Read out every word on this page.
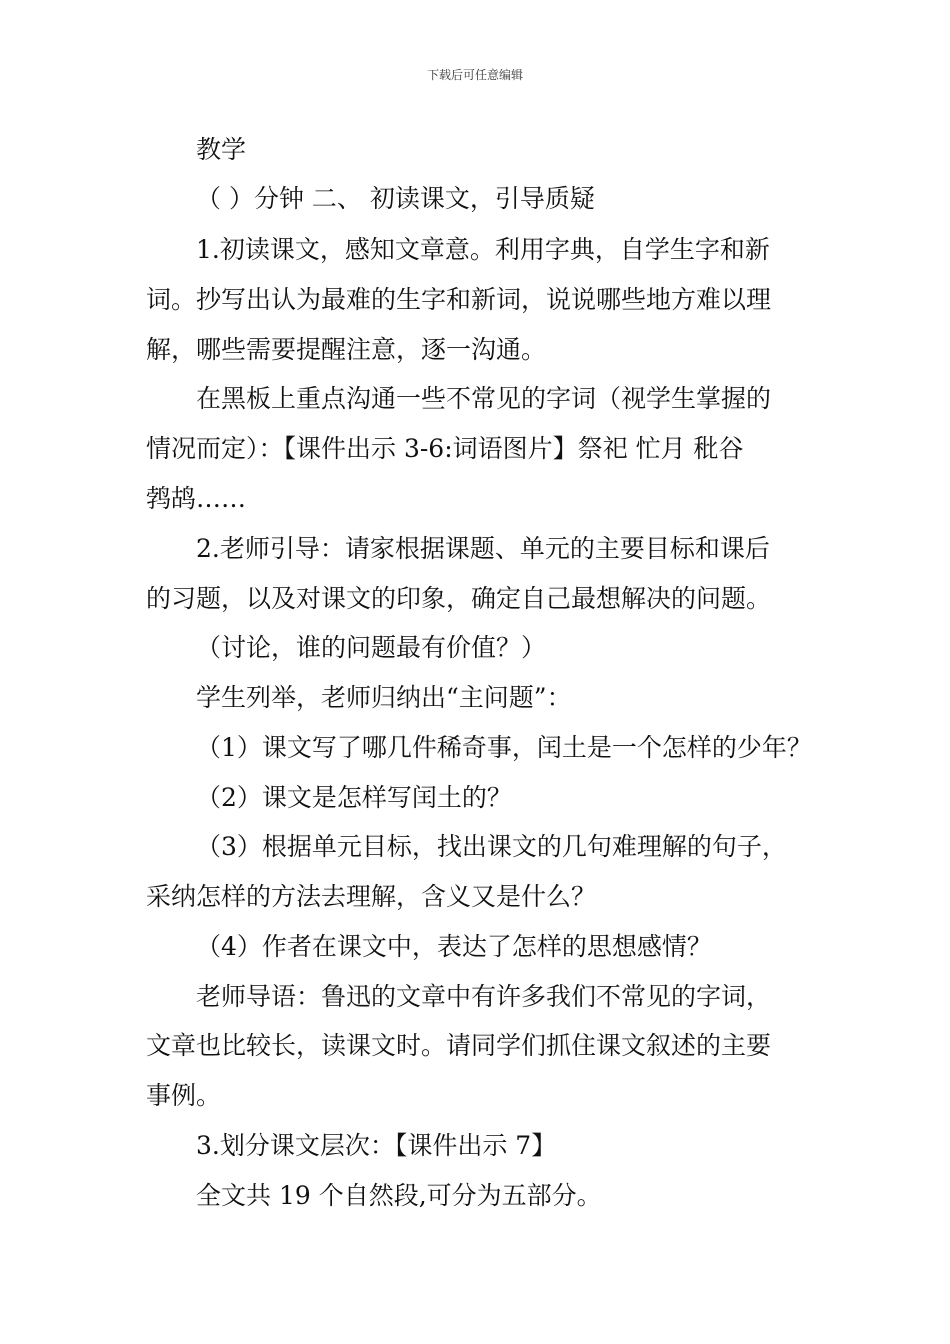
下载后可任意编辑
教学
（ ）分钟 二、 初读课文，引导质疑
1.初读课文，感知文章意。利用字典，自学生字和新
词。抄写出认为最难的生字和新词，说说哪些地方难以理
解，哪些需要提醒注意，逐一沟通。
在黑板上重点沟通一些不常见的字词（视学生掌握的
情况而定）：【课件出示 3-6:词语图片】祭祀 忙月 秕谷
鹁鸪……
2.老师引导：请家根据课题、单元的主要目标和课后
的习题，以及对课文的印象，确定自己最想解决的问题。
（讨论，谁的问题最有价值？）
学生列举，老师归纳出“主问题”：
（1）课文写了哪几件稀奇事，闰土是一个怎样的少年？
（2）课文是怎样写闰土的？
（3）根据单元目标，找出课文的几句难理解的句子，
采纳怎样的方法去理解，含义又是什么？
（4）作者在课文中，表达了怎样的思想感情？
老师导语：鲁迅的文章中有许多我们不常见的字词，
文章也比较长，读课文时。请同学们抓住课文叙述的主要
事例。
3.划分课文层次：【课件出示 7】
全文共 19 个自然段,可分为五部分。
